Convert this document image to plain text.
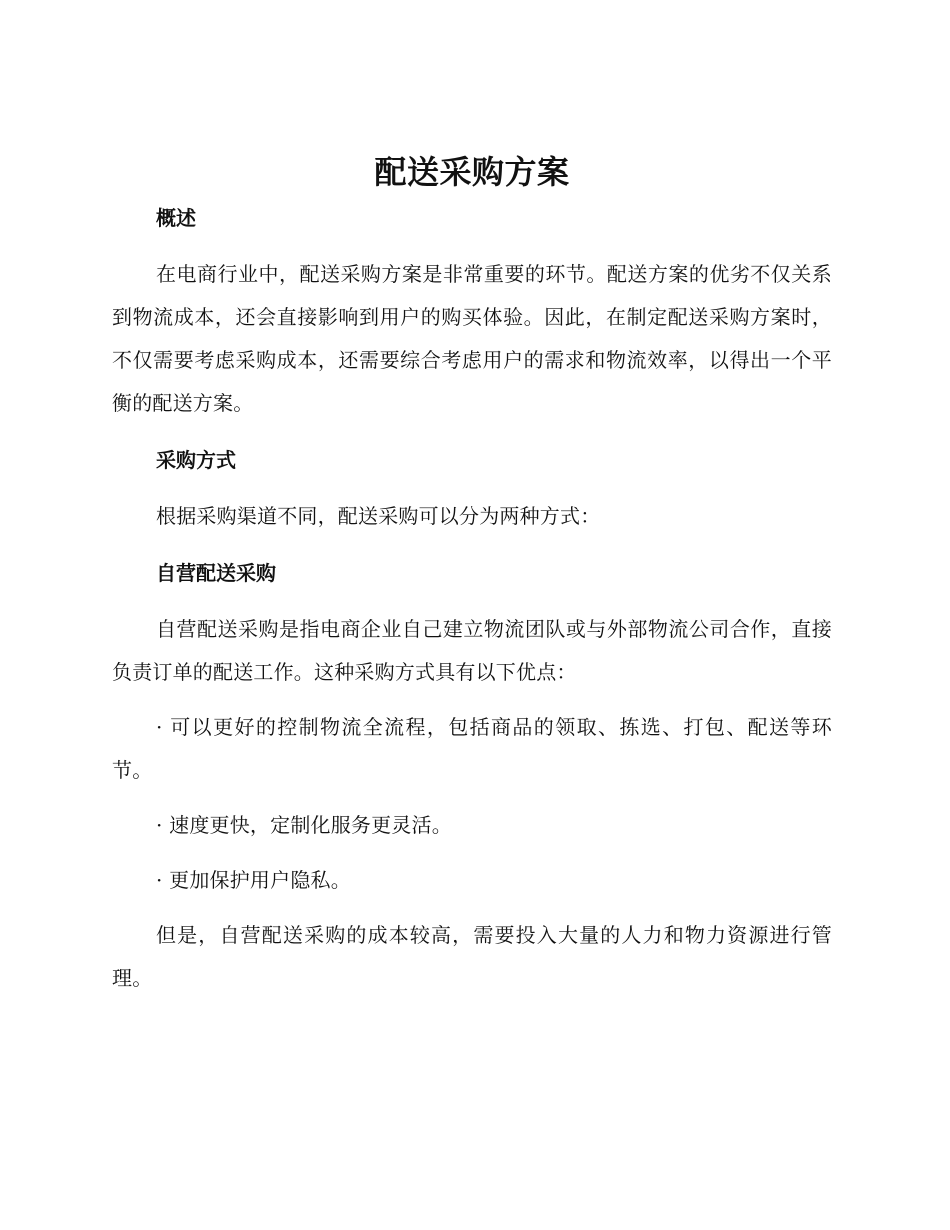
配送采购方案
概述

在电商行业中，配送采购方案是非常重要的环节。配送方案的优劣不仅关系到物流成本，还会直接影响到用户的购买体验。因此，在制定配送采购方案时，不仅需要考虑采购成本，还需要综合考虑用户的需求和物流效率，以得出一个平衡的配送方案。

采购方式

根据采购渠道不同，配送采购可以分为两种方式：

自营配送采购

自营配送采购是指电商企业自己建立物流团队或与外部物流公司合作，直接负责订单的配送工作。这种采购方式具有以下优点：

· 可以更好的控制物流全流程，包括商品的领取、拣选、打包、配送等环节。
· 速度更快，定制化服务更灵活。
· 更加保护用户隐私。

但是，自营配送采购的成本较高，需要投入大量的人力和物力资源进行管理。
